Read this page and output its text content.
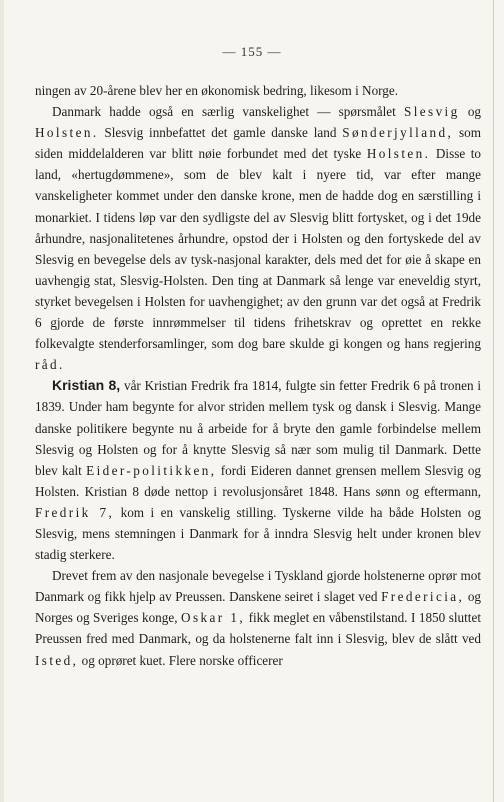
— 155 —

ningen av 20-årene blev her en økonomisk bedring, likesom i Norge.

Danmark hadde også en særlig vanskelighet — spørsmålet Slesvig og Holsten. Slesvig innbefattet det gamle danske land Sønderjylland, som siden middelalderen var blitt nøie forbundet med det tyske Holsten. Disse to land, «hertugdømmene», som de blev kalt i nyere tid, var efter mange vanskeligheter kommet under den danske krone, men de hadde dog en særstilling i monarkiet. I tidens løp var den sydligste del av Slesvig blitt fortysket, og i det 19de århundre, nasjonalitetenes århundre, opstod der i Holsten og den fortyskede del av Slesvig en bevegelse dels av tysk-nasjonal karakter, dels med det for øie å skape en uavhengig stat, Slesvig-Holsten. Den ting at Danmark så lenge var eneveldig styrt, styrket bevegelsen i Holsten for uavhengighet; av den grunn var det også at Fredrik 6 gjorde de første innrømmelser til tidens frihetskrav og oprettet en rekke folkevalgte stenderforsamlinger, som dog bare skulde gi kongen og hans regjering råd.

Kristian 8, vår Kristian Fredrik fra 1814, fulgte sin fetter Fredrik 6 på tronen i 1839. Under ham begynte for alvor striden mellem tysk og dansk i Slesvig. Mange danske politikere begynte nu å arbeide for å bryte den gamle forbindelse mellem Slesvig og Holsten og for å knytte Slesvig så nær som mulig til Danmark. Dette blev kalt Eider-politikken, fordi Eideren dannet grensen mellem Slesvig og Holsten. Kristian 8 døde nettop i revolusjonsåret 1848. Hans sønn og eftermann, Fredrik 7, kom i en vanskelig stilling. Tyskerne vilde ha både Holsten og Slesvig, mens stemningen i Danmark for å inndra Slesvig helt under kronen blev stadig sterkere.

Drevet frem av den nasjonale bevegelse i Tyskland gjorde holstenerne oprør mot Danmark og fikk hjelp av Preussen. Danskene seiret i slaget ved Fredericia, og Norges og Sveriges konge, Oskar 1, fikk meglet en våbenstilstand. I 1850 sluttet Preussen fred med Danmark, og da holstenerne falt inn i Slesvig, blev de slått ved Isted, og oprøret kuet. Flere norske officerer
